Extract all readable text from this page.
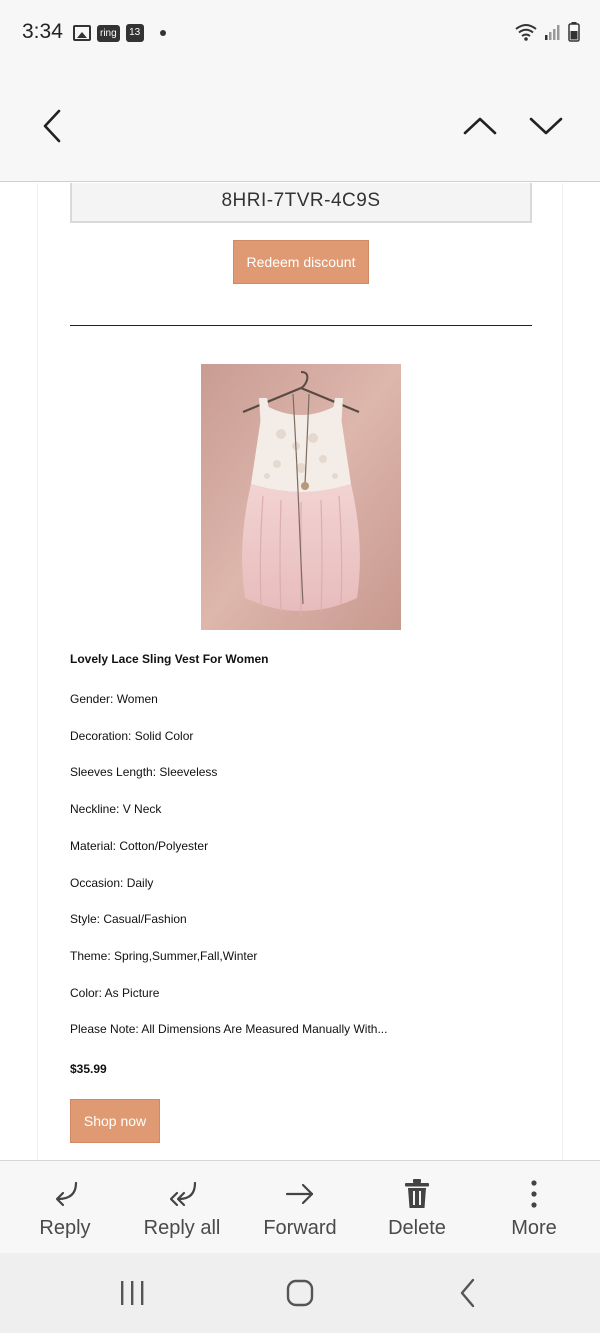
3:34	ring	13
8HRI-7TVR-4C9S
Redeem discount
Lovely Lace Sling Vest For Women
Gender: Women
Decoration: Solid Color
Sleeves Length: Sleeveless
Neckline: V Neck
Material: Cotton/Polyester
Occasion: Daily
Style: Casual/Fashion
Theme: Spring,Summer,Fall,Winter
Color: As Picture
Please Note: All Dimensions Are Measured Manually With...
$35.99
Shop now
Reply	Reply all	Forward	Delete	More
